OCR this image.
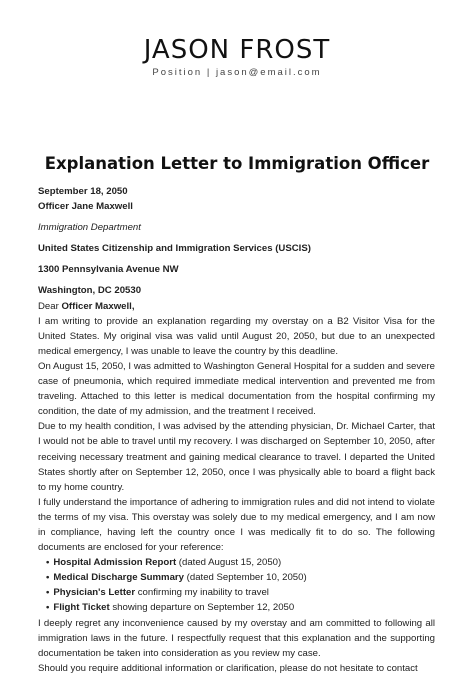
JASON FROST
Position | jason@email.com
Explanation Letter to Immigration Officer
September 18, 2050
Officer Jane Maxwell
Immigration Department
United States Citizenship and Immigration Services (USCIS)
1300 Pennsylvania Avenue NW
Washington, DC 20530
Dear Officer Maxwell,
I am writing to provide an explanation regarding my overstay on a B2 Visitor Visa for the United States. My original visa was valid until August 20, 2050, but due to an unexpected medical emergency, I was unable to leave the country by this deadline.
On August 15, 2050, I was admitted to Washington General Hospital for a sudden and severe case of pneumonia, which required immediate medical intervention and prevented me from traveling. Attached to this letter is medical documentation from the hospital confirming my condition, the date of my admission, and the treatment I received.
Due to my health condition, I was advised by the attending physician, Dr. Michael Carter, that I would not be able to travel until my recovery. I was discharged on September 10, 2050, after receiving necessary treatment and gaining medical clearance to travel. I departed the United States shortly after on September 12, 2050, once I was physically able to board a flight back to my home country.
I fully understand the importance of adhering to immigration rules and did not intend to violate the terms of my visa. This overstay was solely due to my medical emergency, and I am now in compliance, having left the country once I was medically fit to do so. The following documents are enclosed for your reference:
• Hospital Admission Report (dated August 15, 2050)
• Medical Discharge Summary (dated September 10, 2050)
• Physician's Letter confirming my inability to travel
• Flight Ticket showing departure on September 12, 2050
I deeply regret any inconvenience caused by my overstay and am committed to following all immigration laws in the future. I respectfully request that this explanation and the supporting documentation be taken into consideration as you review my case.
Should you require additional information or clarification, please do not hesitate to contact
